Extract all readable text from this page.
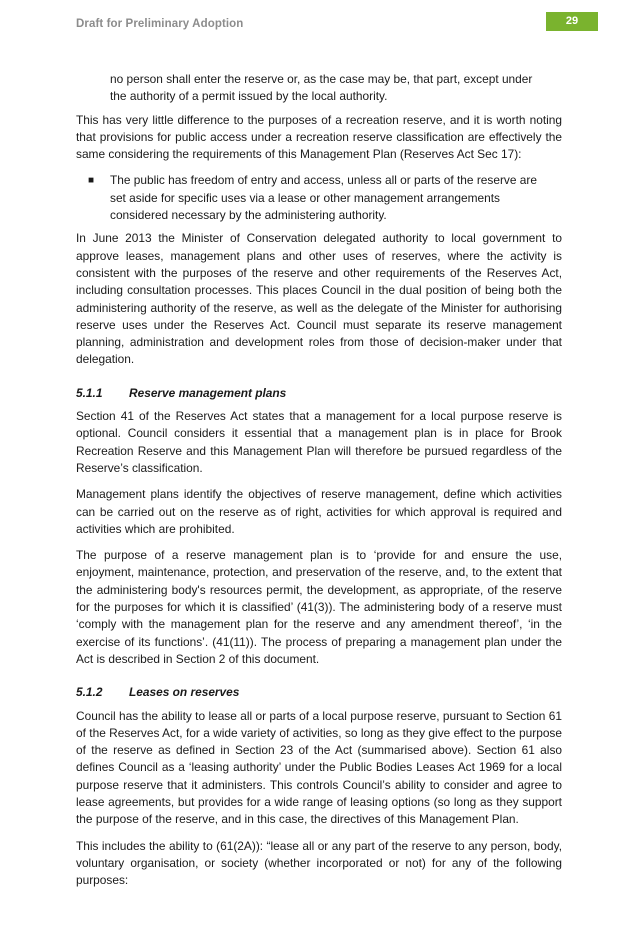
Draft for Preliminary Adoption	29

no person shall enter the reserve or, as the case may be, that part, except under the authority of a permit issued by the local authority.

This has very little difference to the purposes of a recreation reserve, and it is worth noting that provisions for public access under a recreation reserve classification are effectively the same considering the requirements of this Management Plan (Reserves Act Sec 17):

■ The public has freedom of entry and access, unless all or parts of the reserve are set aside for specific uses via a lease or other management arrangements considered necessary by the administering authority.

In June 2013 the Minister of Conservation delegated authority to local government to approve leases, management plans and other uses of reserves, where the activity is consistent with the purposes of the reserve and other requirements of the Reserves Act, including consultation processes. This places Council in the dual position of being both the administering authority of the reserve, as well as the delegate of the Minister for authorising reserve uses under the Reserves Act. Council must separate its reserve management planning, administration and development roles from those of decision-maker under that delegation.

5.1.1 Reserve management plans

Section 41 of the Reserves Act states that a management for a local purpose reserve is optional. Council considers it essential that a management plan is in place for Brook Recreation Reserve and this Management Plan will therefore be pursued regardless of the Reserve’s classification.

Management plans identify the objectives of reserve management, define which activities can be carried out on the reserve as of right, activities for which approval is required and activities which are prohibited.

The purpose of a reserve management plan is to ‘provide for and ensure the use, enjoyment, maintenance, protection, and preservation of the reserve, and, to the extent that the administering body's resources permit, the development, as appropriate, of the reserve for the purposes for which it is classified’ (41(3)). The administering body of a reserve must ‘comply with the management plan for the reserve and any amendment thereof’, ‘in the exercise of its functions’. (41(11)). The process of preparing a management plan under the Act is described in Section 2 of this document.

5.1.2 Leases on reserves

Council has the ability to lease all or parts of a local purpose reserve, pursuant to Section 61 of the Reserves Act, for a wide variety of activities, so long as they give effect to the purpose of the reserve as defined in Section 23 of the Act (summarised above). Section 61 also defines Council as a ‘leasing authority’ under the Public Bodies Leases Act 1969 for a local purpose reserve that it administers. This controls Council’s ability to consider and agree to lease agreements, but provides for a wide range of leasing options (so long as they support the purpose of the reserve, and in this case, the directives of this Management Plan.

This includes the ability to (61(2A)): “lease all or any part of the reserve to any person, body, voluntary organisation, or society (whether incorporated or not) for any of the following purposes:
